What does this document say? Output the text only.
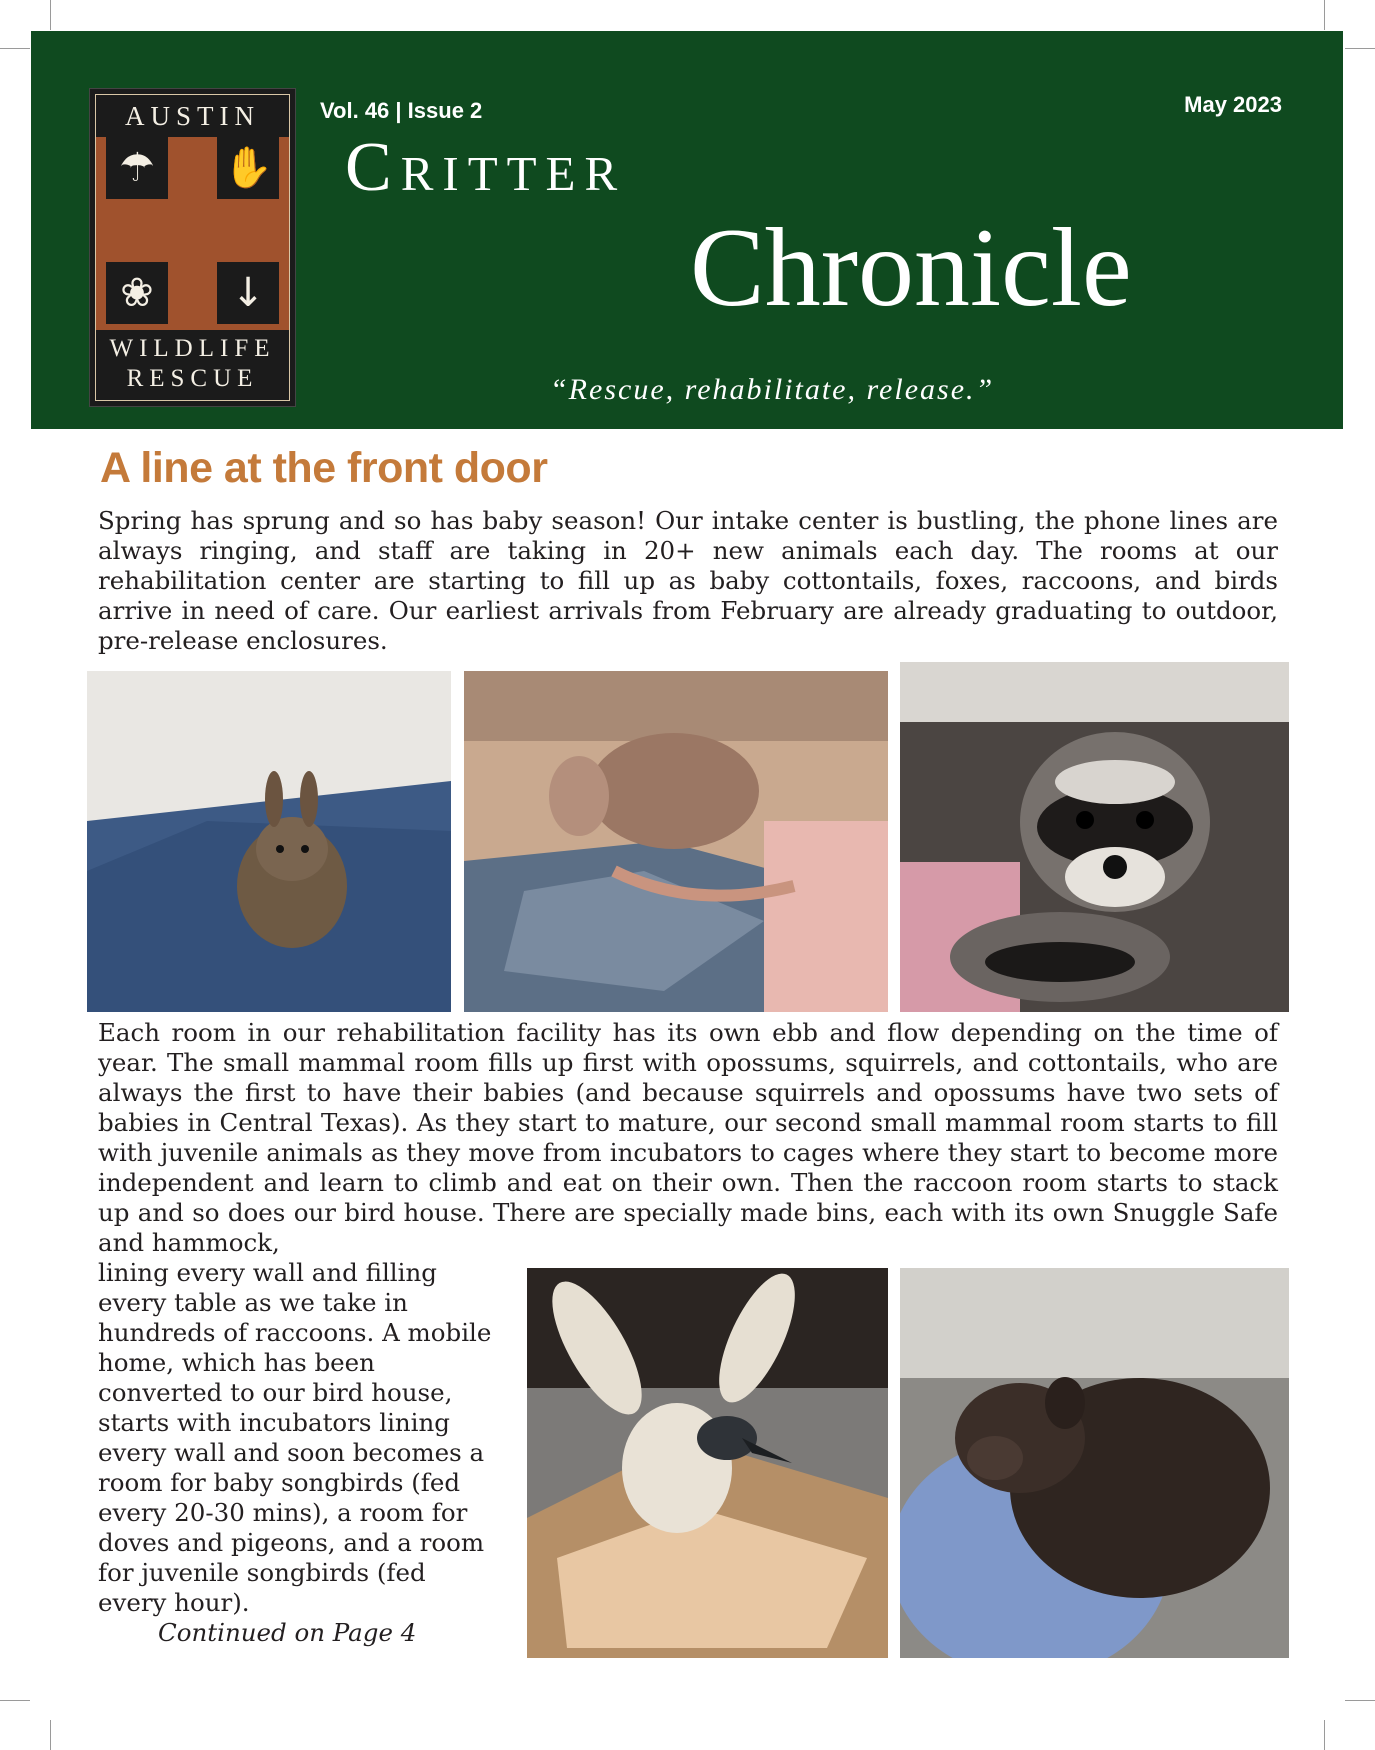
AUSTIN
☂	✋
❀	↓
WILDLIFE
RESCUE
Vol. 46 | Issue 2	May 2023
Critter
Chronicle
“Rescue, rehabilitate, release.”
A line at the front door

Spring has sprung and so has baby season! Our intake center is bustling, the phone lines are always ringing, and staff are taking in 20+ new animals each day. The rooms at our rehabilitation center are starting to fill up as baby cottontails, foxes, raccoons, and birds arrive in need of care. Our earliest arrivals from February are already graduating to outdoor, pre-release enclosures.

Each room in our rehabilitation facility has its own ebb and flow depending on the time of year. The small mammal room fills up first with opossums, squirrels, and cottontails, who are always the first to have their babies (and because squirrels and opossums have two sets of babies in Central Texas). As they start to mature, our second small mammal room starts to fill with juvenile animals as they move from incubators to cages where they start to become more independent and learn to climb and eat on their own. Then the raccoon room starts to stack up and so does our bird house. There are specially made bins, each with its own Snuggle Safe and hammock,

lining every wall and filling every table as we take in hundreds of raccoons. A mobile home, which has been converted to our bird house, starts with incubators lining every wall and soon becomes a room for baby songbirds (fed every 20-30 mins), a room for doves and pigeons, and a room for juvenile songbirds (fed every hour).

Continued on Page 4
